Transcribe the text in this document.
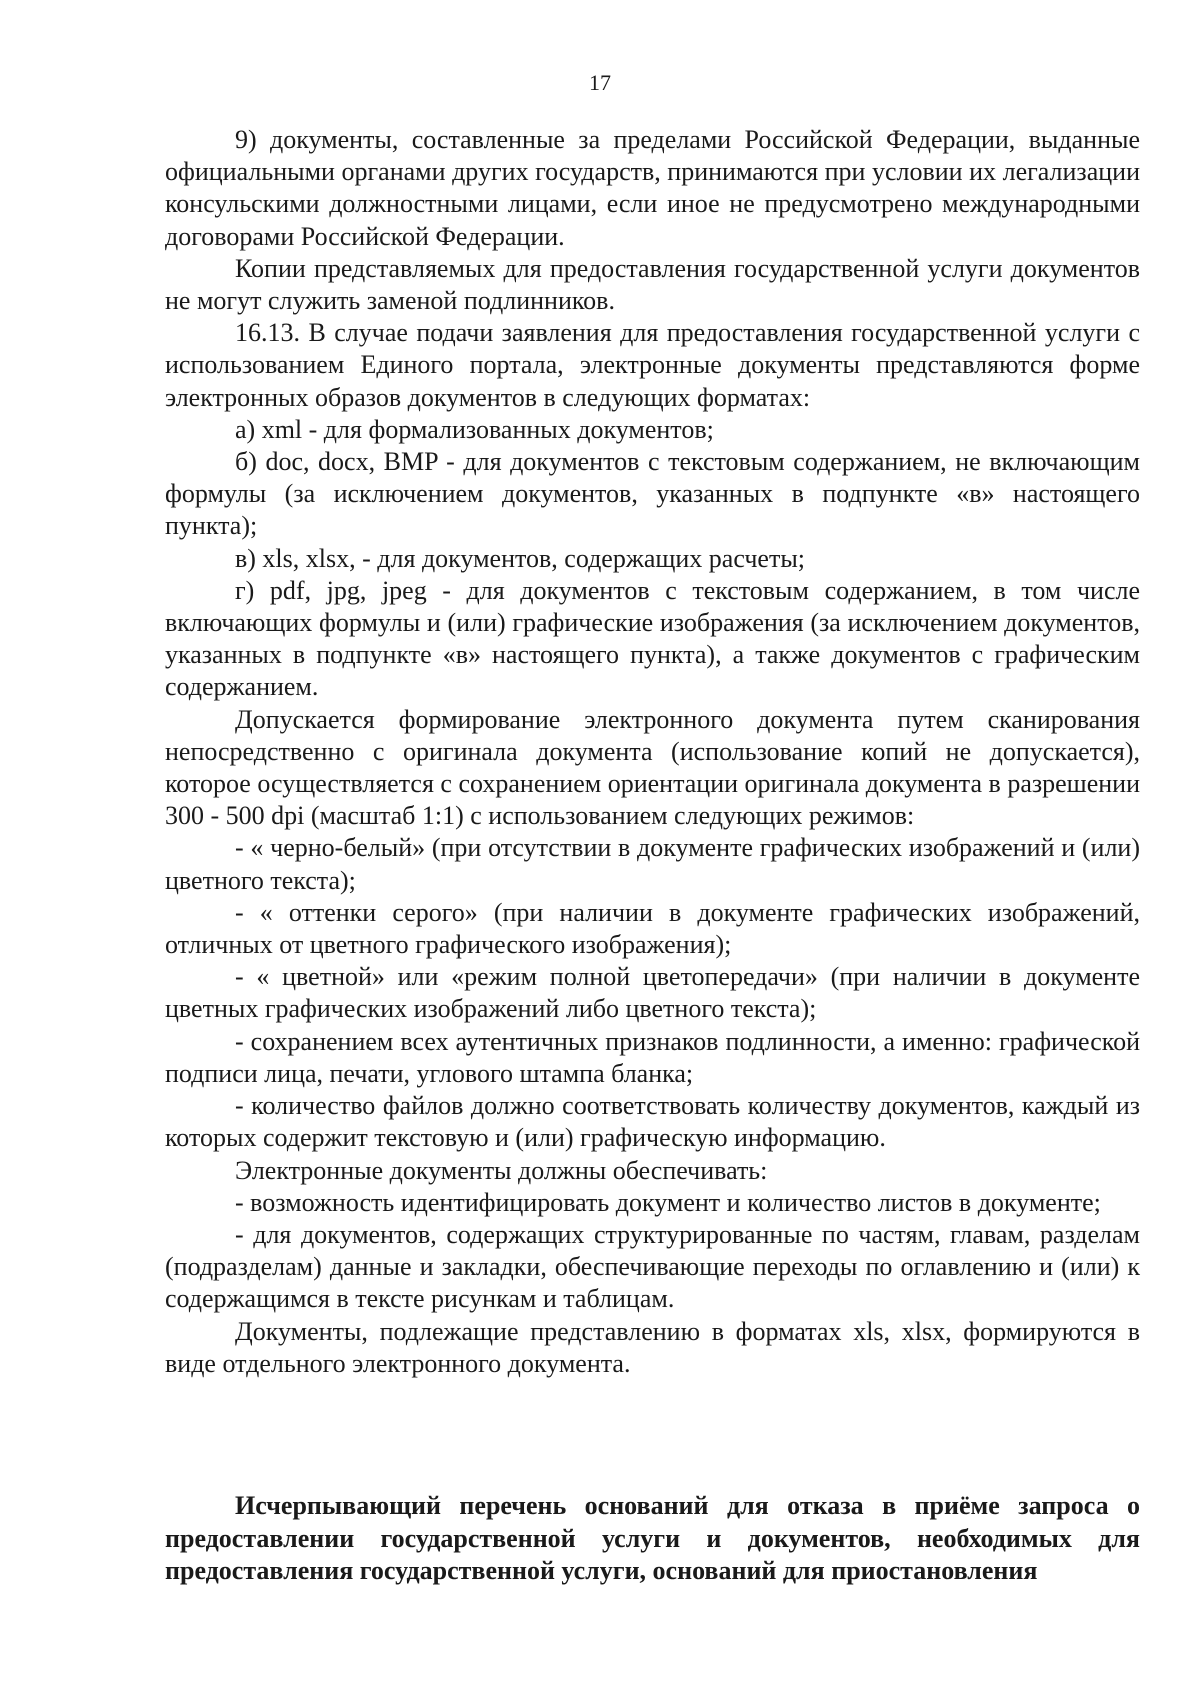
17

9) документы, составленные за пределами Российской Федерации, выданные официальными органами других государств, принимаются при условии их легализации консульскими должностными лицами, если иное не предусмотрено международными договорами Российской Федерации.

Копии представляемых для предоставления государственной услуги документов не могут служить заменой подлинников.

16.13. В случае подачи заявления для предоставления государственной услуги с использованием Единого портала, электронные документы представляются форме электронных образов документов в следующих форматах:

а) xml - для формализованных документов;

б) doc, docx, BMP - для документов с текстовым содержанием, не включающим формулы (за исключением документов, указанных в подпункте «в» настоящего пункта);

в) xls, xlsx, - для документов, содержащих расчеты;

г) pdf, jpg, jpeg - для документов с текстовым содержанием, в том числе включающих формулы и (или) графические изображения (за исключением документов, указанных в подпункте «в» настоящего пункта), а также документов с графическим содержанием.

Допускается формирование электронного документа путем сканирования непосредственно с оригинала документа (использование копий не допускается), которое осуществляется с сохранением ориентации оригинала документа в разрешении 300 - 500 dpi (масштаб 1:1) с использованием следующих режимов:

- « черно-белый» (при отсутствии в документе графических изображений и (или) цветного текста);

- « оттенки серого» (при наличии в документе графических изображений, отличных от цветного графического изображения);

- « цветной» или «режим полной цветопередачи» (при наличии в документе цветных графических изображений либо цветного текста);

- сохранением всех аутентичных признаков подлинности, а именно: графической подписи лица, печати, углового штампа бланка;

- количество файлов должно соответствовать количеству документов, каждый из которых содержит текстовую и (или) графическую информацию.

Электронные документы должны обеспечивать:

- возможность идентифицировать документ и количество листов в документе;

- для документов, содержащих структурированные по частям, главам, разделам (подразделам) данные и закладки, обеспечивающие переходы по оглавлению и (или) к содержащимся в тексте рисункам и таблицам.

Документы, подлежащие представлению в форматах xls, xlsx, формируются в виде отдельного электронного документа.

Исчерпывающий перечень оснований для отказа в приёме запроса о предоставлении государственной услуги и документов, необходимых для предоставления государственной услуги, оснований для приостановления
